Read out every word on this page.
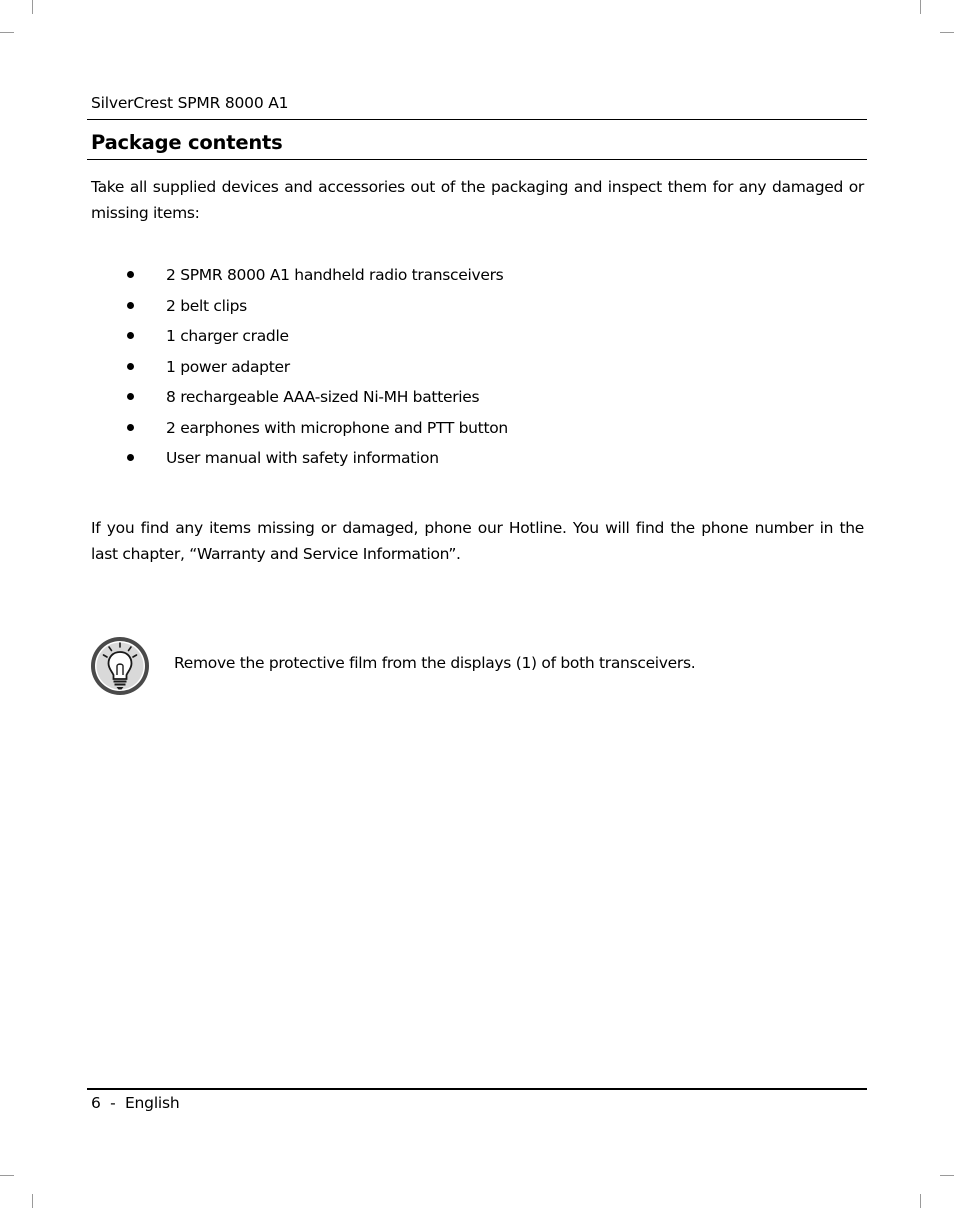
SilverCrest SPMR 8000 A1
Package contents

Take all supplied devices and accessories out of the packaging and inspect them for any damaged or missing items:

2 SPMR 8000 A1 handheld radio transceivers
2 belt clips
1 charger cradle
1 power adapter
8 rechargeable AAA-sized Ni-MH batteries
2 earphones with microphone and PTT button
User manual with safety information

If you find any items missing or damaged, phone our Hotline. You will find the phone number in the last chapter, “Warranty and Service Information”.

Remove the protective film from the displays (1) of both transceivers.
6  -  English
